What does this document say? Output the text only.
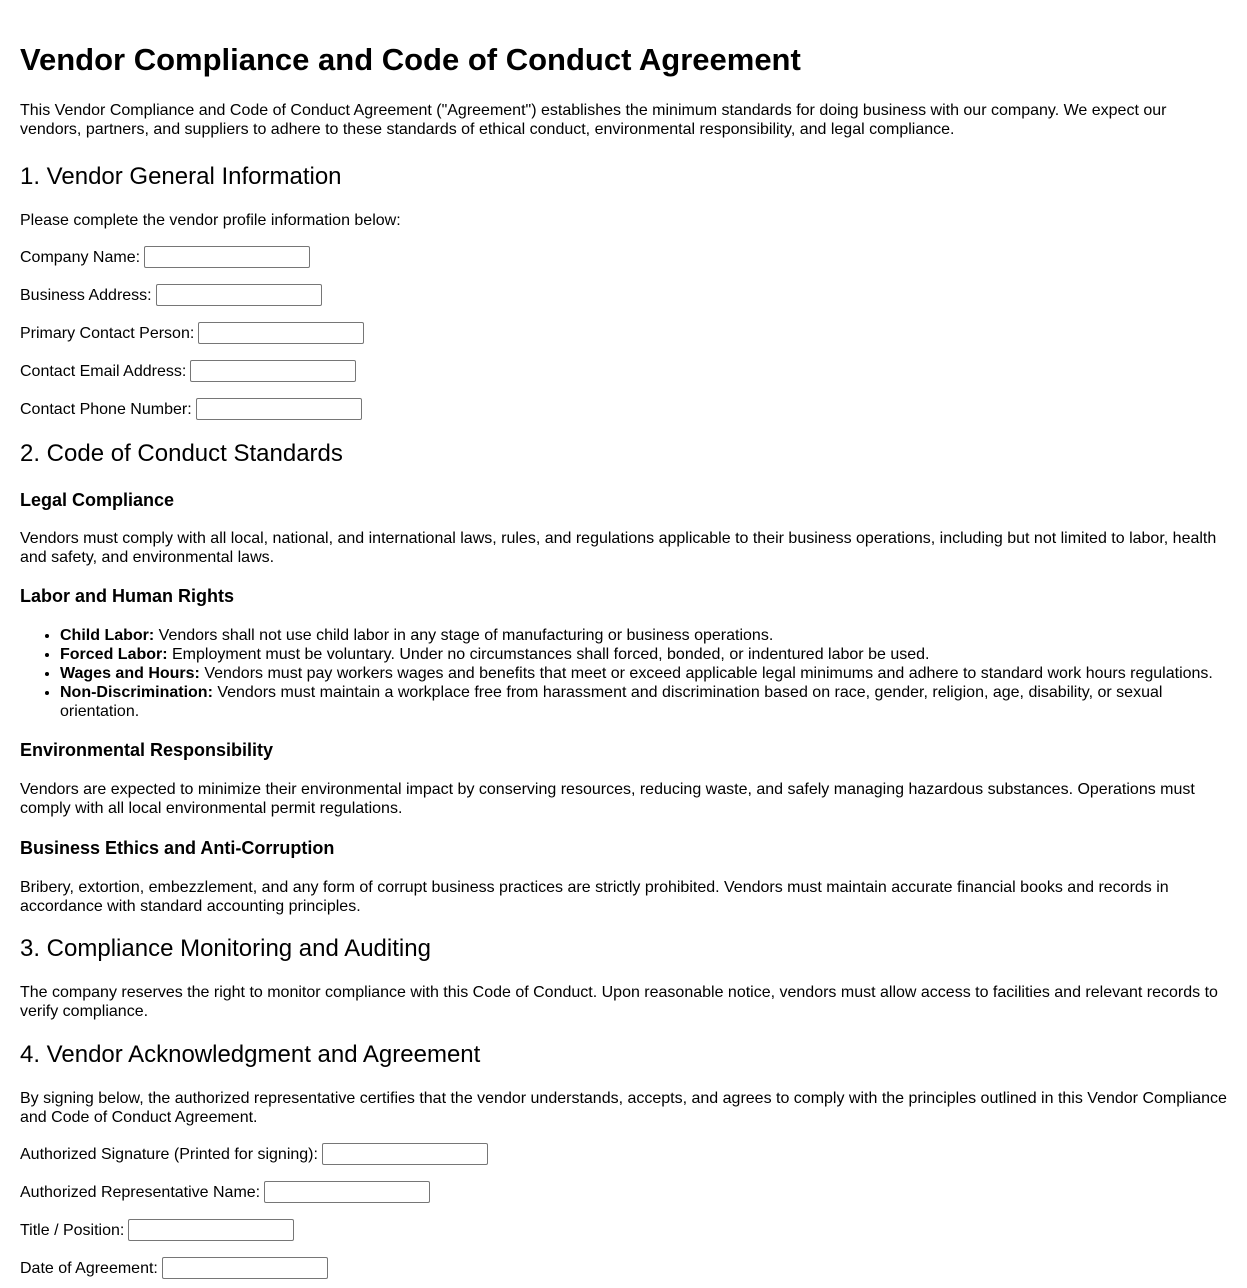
Vendor Compliance and Code of Conduct Agreement

This Vendor Compliance and Code of Conduct Agreement ("Agreement") establishes the minimum standards for doing business with our company. We expect our vendors, partners, and suppliers to adhere to these standards of ethical conduct, environmental responsibility, and legal compliance.

1. Vendor General Information

Please complete the vendor profile information below:

Company Name:
Business Address:
Primary Contact Person:
Contact Email Address:
Contact Phone Number:
2. Code of Conduct Standards
Legal Compliance

Vendors must comply with all local, national, and international laws, rules, and regulations applicable to their business operations, including but not limited to labor, health and safety, and environmental laws.

Labor and Human Rights
• Child Labor: Vendors shall not use child labor in any stage of manufacturing or business operations.
• Forced Labor: Employment must be voluntary. Under no circumstances shall forced, bonded, or indentured labor be used.
• Wages and Hours: Vendors must pay workers wages and benefits that meet or exceed applicable legal minimums and adhere to standard work hours regulations.
• Non-Discrimination: Vendors must maintain a workplace free from harassment and discrimination based on race, gender, religion, age, disability, or sexual orientation.
Environmental Responsibility

Vendors are expected to minimize their environmental impact by conserving resources, reducing waste, and safely managing hazardous substances. Operations must comply with all local environmental permit regulations.

Business Ethics and Anti-Corruption

Bribery, extortion, embezzlement, and any form of corrupt business practices are strictly prohibited. Vendors must maintain accurate financial books and records in accordance with standard accounting principles.

3. Compliance Monitoring and Auditing

The company reserves the right to monitor compliance with this Code of Conduct. Upon reasonable notice, vendors must allow access to facilities and relevant records to verify compliance.

4. Vendor Acknowledgment and Agreement

By signing below, the authorized representative certifies that the vendor understands, accepts, and agrees to comply with the principles outlined in this Vendor Compliance and Code of Conduct Agreement.

Authorized Signature (Printed for signing):
Authorized Representative Name:
Title / Position:
Date of Agreement:
